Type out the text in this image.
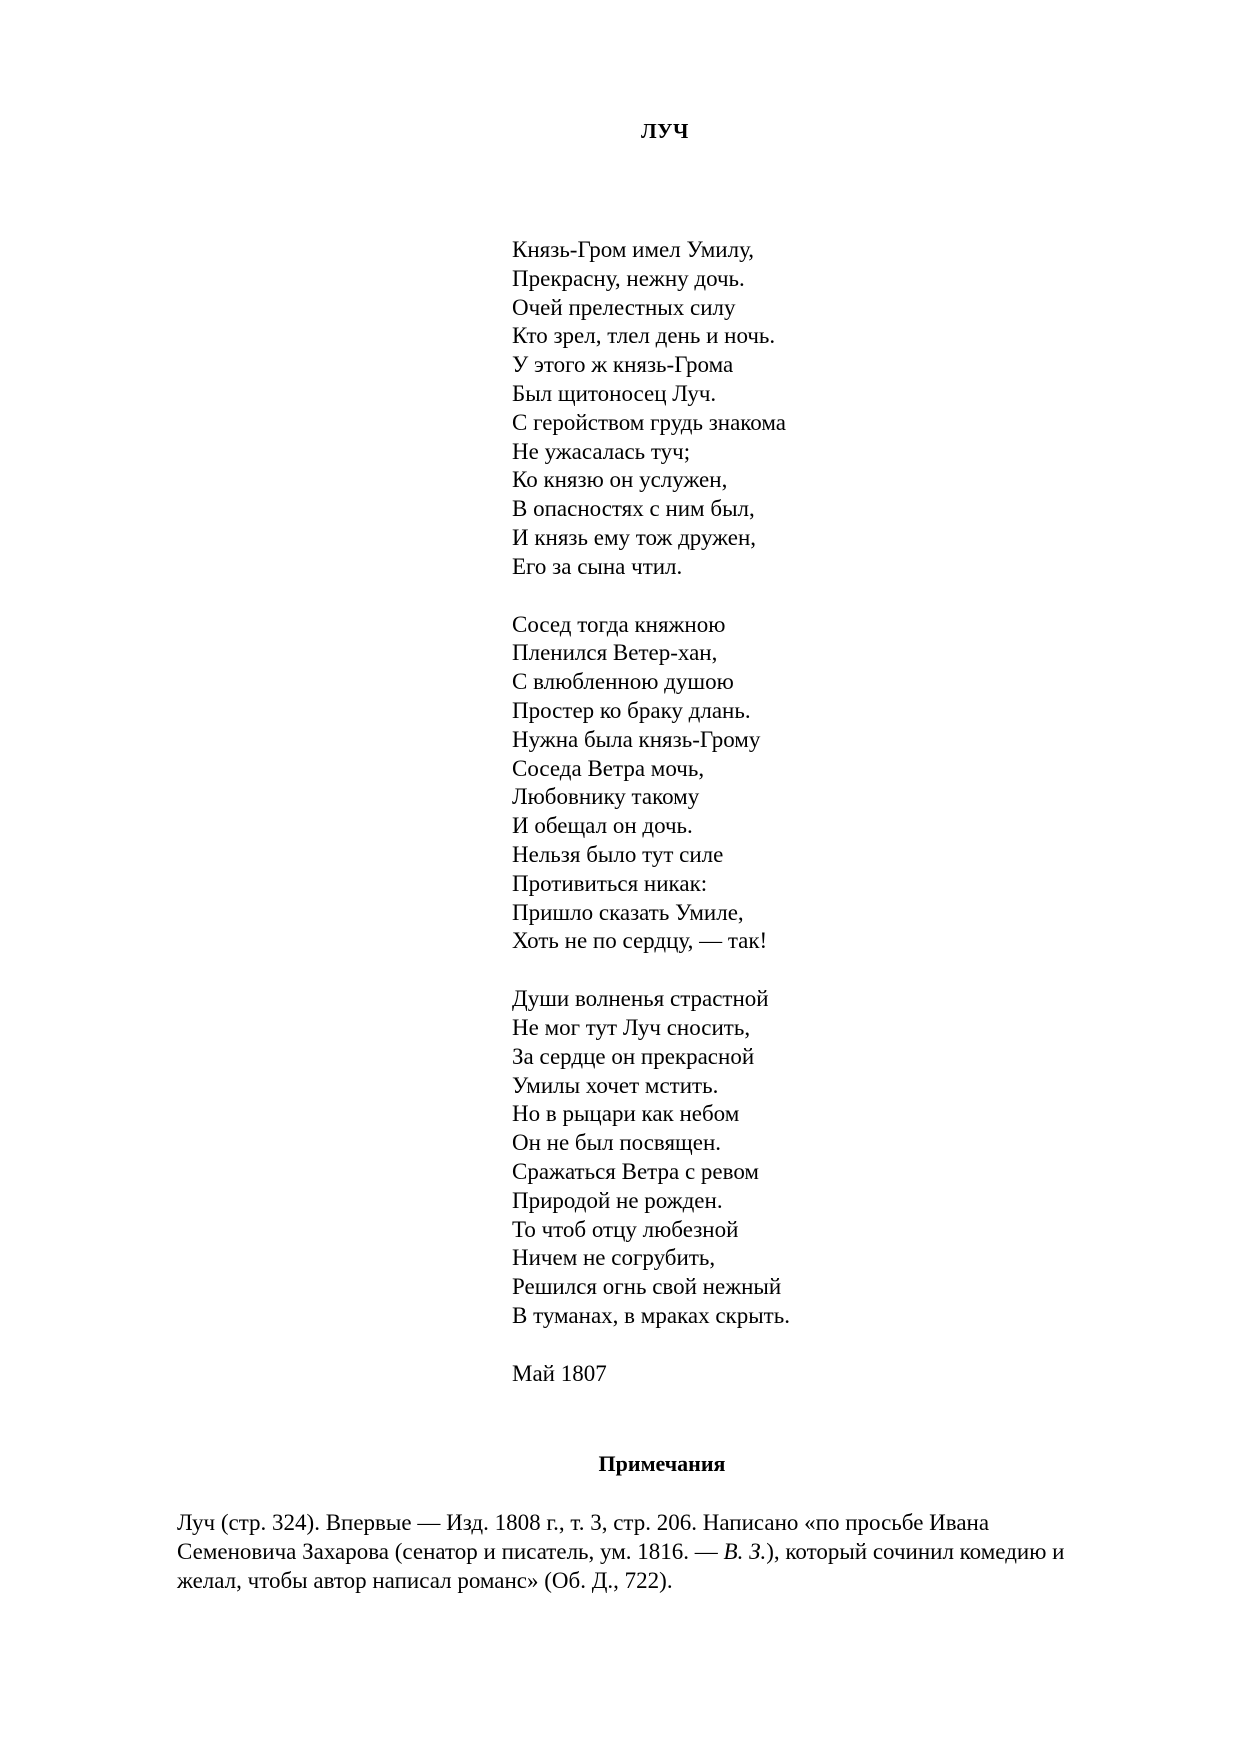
ЛУЧ
Князь-Гром имел Умилу,
Прекрасну, нежну дочь.
Очей прелестных силу
Кто зрел, тлел день и ночь.
У этого ж князь-Грома
Был щитоносец Луч.
С геройством грудь знакома
Не ужасалась туч;
Ко князю он услужен,
В опасностях с ним был,
И князь ему тож дружен,
Его за сына чтил.
Сосед тогда княжною
Пленился Ветер-хан,
С влюбленною душою
Простер ко браку длань.
Нужна была князь-Грому
Соседа Ветра мочь,
Любовнику такому
И обещал он дочь.
Нельзя было тут силе
Противиться никак:
Пришло сказать Умиле,
Хоть не по сердцу, — так!
Души волненья страстной
Не мог тут Луч сносить,
За сердце он прекрасной
Умилы хочет мстить.
Но в рыцари как небом
Он не был посвящен.
Сражаться Ветра с ревом
Природой не рожден.
То чтоб отцу любезной
Ничем не согрубить,
Решился огнь свой нежный
В туманах, в мраках скрыть.
Май 1807
Примечания
Луч (стр. 324). Впервые — Изд. 1808 г., т. 3, стр. 206. Написано «по просьбе Ивана
Семеновича Захарова (сенатор и писатель, ум. 1816. — В. З.), который сочинил комедию и
желал, чтобы автор написал романс» (Об. Д., 722).
